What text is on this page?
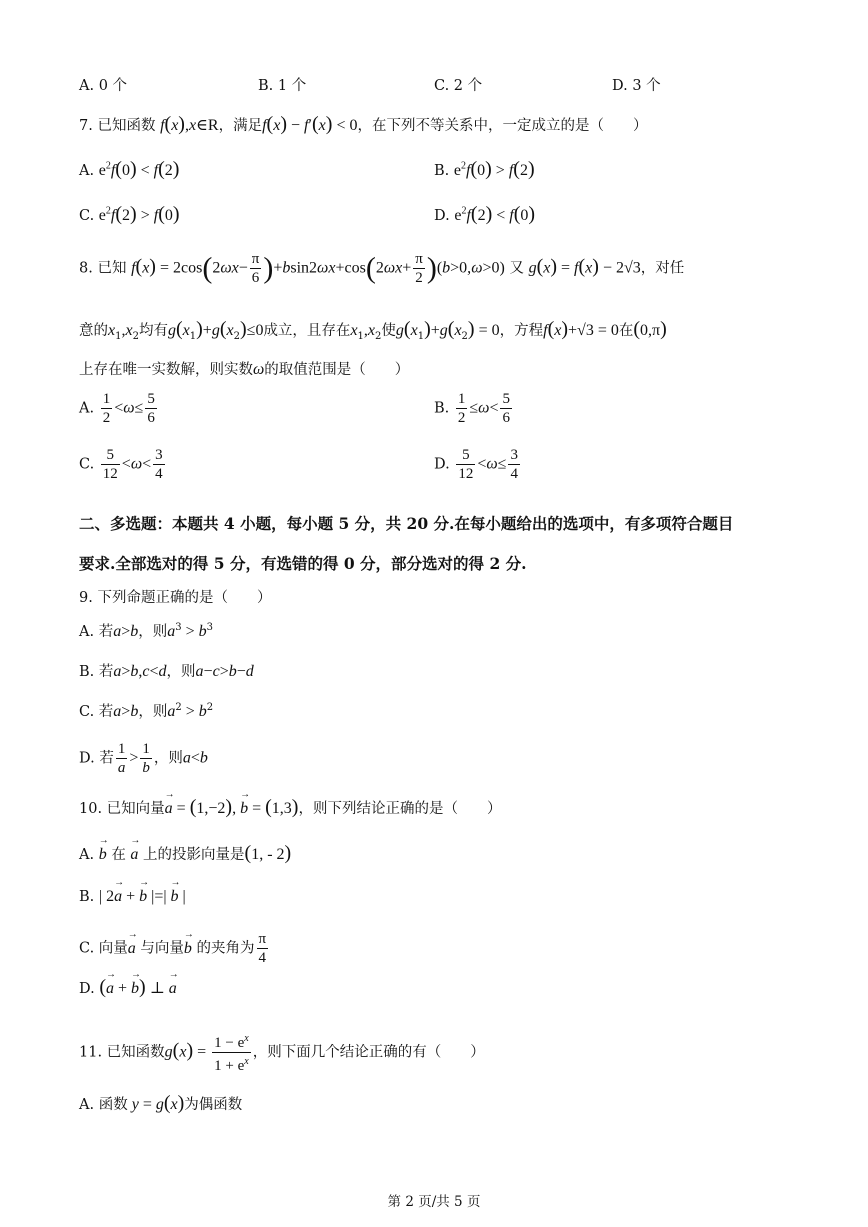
A. 0 个	B. 1 个	C. 2 个	D. 3 个
7. 已知函数 f(x),x∈R，满足f(x) − f′(x) < 0，在下列不等关系中，一定成立的是（　　）
A. $e^2f(0) < f(2)$	B. $e^2f(0) > f(2)$
C. $e^2f(2) > f(0)$	D. $e^2f(2) < f(0)$
8. 已知 $f(x) = 2\cos(2\omega x- \frac{\pi}{6} )+bsin2\omega x+\cos(2\omega x+ \frac{\pi}{2} )(b>0,\omega>0)$ 又 g(x) = f(x) − 2√3，对任
意的$x_1,x_2$均有$g(x_1)+g(x_2)\le 0$成立，且存在$x_1,x_2$使$g(x_1)+g(x_2) = 0$，方程f(x)+√3 = 0在(0,π)
上存在唯一实数解，则实数ω的取值范围是（　　）
A. $\frac{1}{2} <\omega\le \frac{5}{6}$	B. $\frac{1}{2} \le\omega< \frac{5}{6}$
C. $\frac{5}{12} <\omega< \frac{3}{4}$	D. $\frac{5}{12} <\omega\le \frac{3}{4}$
二、多选题：本题共 4 小题，每小题 5 分，共 20 分.在每小题给出的选项中，有多项符合题目
要求.全部选对的得 5 分，有选错的得 0 分，部分选对的得 2 分.
9. 下列命题正确的是（　　）
A. 若a>b，则$a^3 > b^3$
B. 若a>b,c<d，则a−c>b−d
C. 若a>b，则$a^2 > b^2$
D. 若 $\frac{1}{a} > \frac{1}{b}$ ，则a<b
10. 已知向量→ a = (1,−2), → b = (1,3)，则下列结论正确的是（　　）
A. → b 在 → a 上的投影向量是(1, - 2)
B. | 2→ a + → b |=| → b |
C. 向量→ a 与向量→ b 的夹角为 $\frac{\pi}{4}$
D. (→ a + → b) ⊥ → a
11. 已知函数$g(x) = \frac{1 - e^x}{1 + e^x}$ ，则下面几个结论正确的有（　　）
A. 函数 y = g(x)为偶函数
第 2 页/共 5 页
